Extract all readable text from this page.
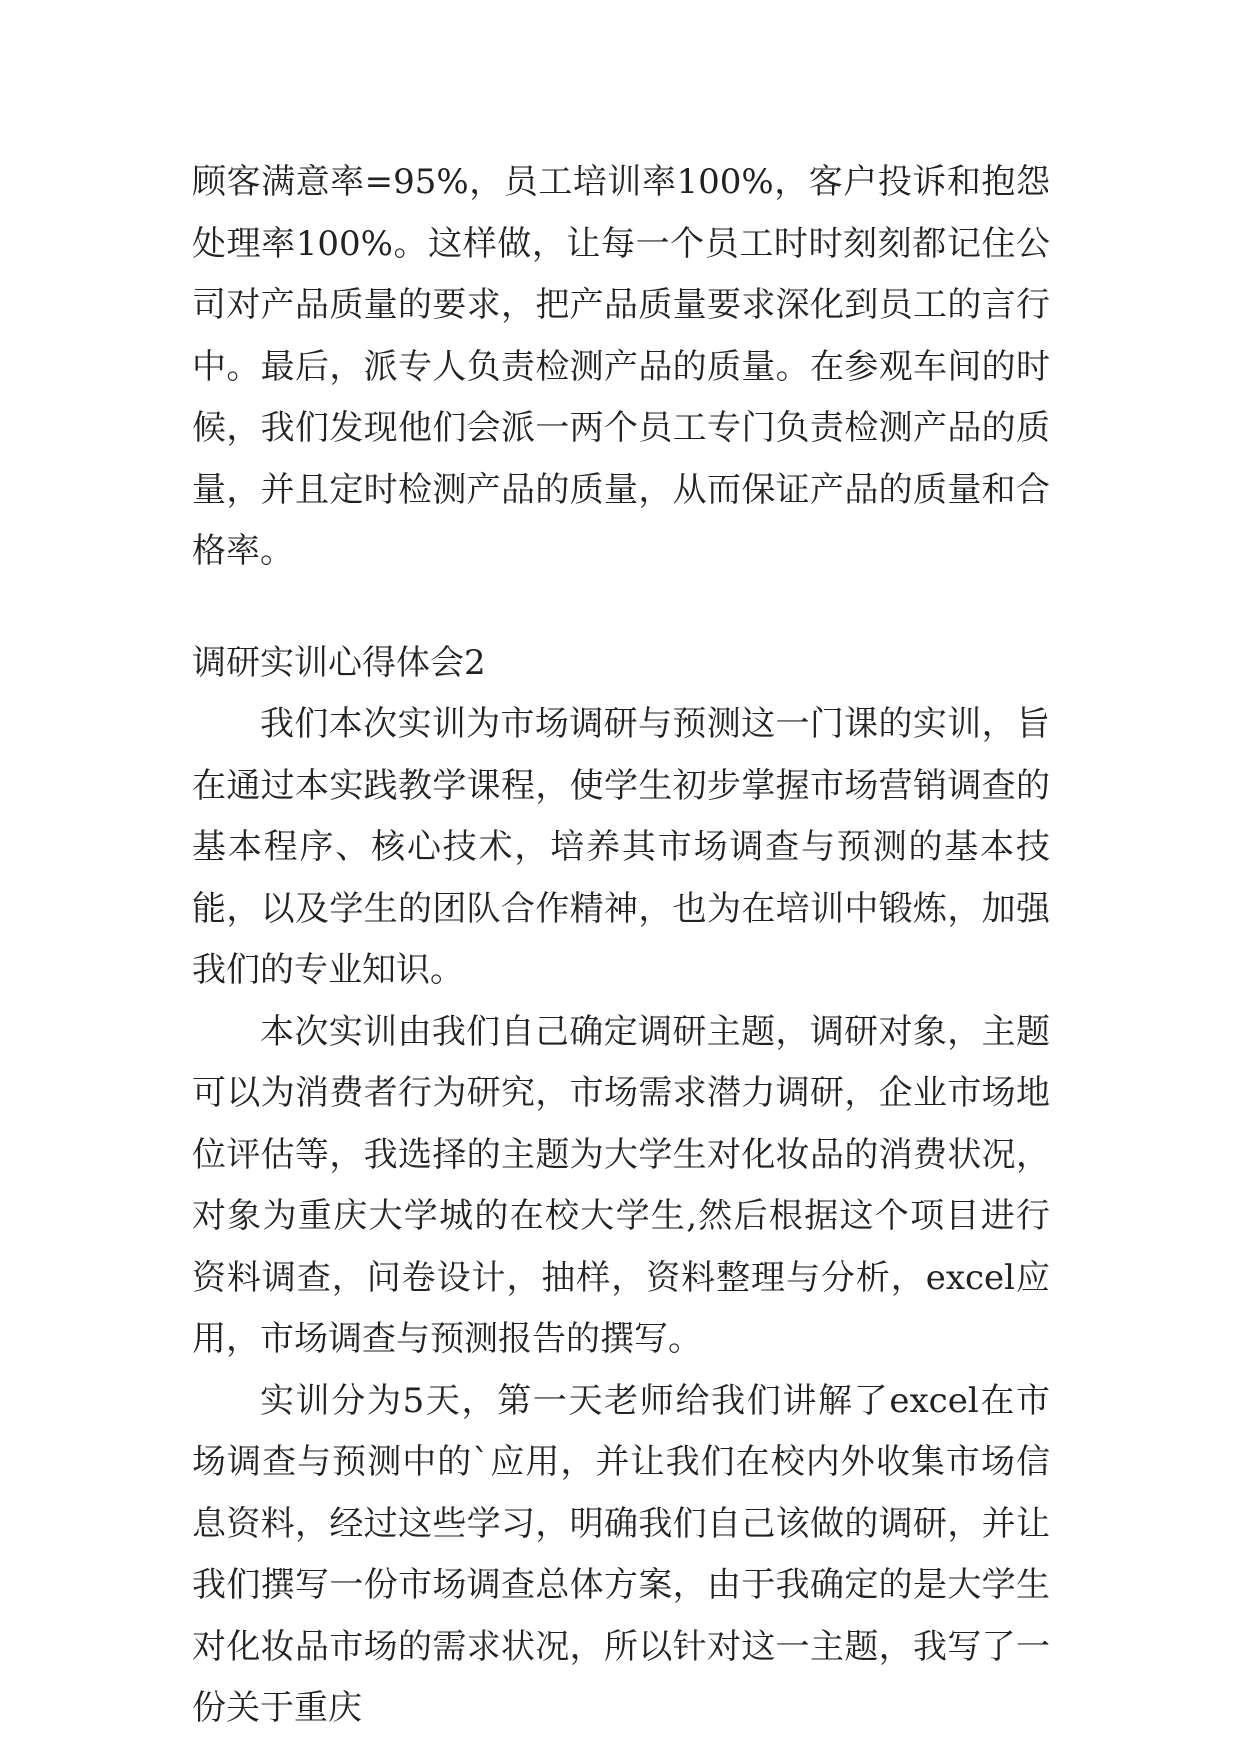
顾客满意率=95%，员工培训率100%，客户投诉和抱怨处理率100%。这样做，让每一个员工时时刻刻都记住公司对产品质量的要求，把产品质量要求深化到员工的言行中。最后，派专人负责检测产品的质量。在参观车间的时候，我们发现他们会派一两个员工专门负责检测产品的质量，并且定时检测产品的质量，从而保证产品的质量和合格率。

调研实训心得体会2

我们本次实训为市场调研与预测这一门课的实训，旨在通过本实践教学课程，使学生初步掌握市场营销调查的基本程序、核心技术，培养其市场调查与预测的基本技能，以及学生的团队合作精神，也为在培训中锻炼，加强我们的专业知识。

本次实训由我们自己确定调研主题，调研对象，主题可以为消费者行为研究，市场需求潜力调研，企业市场地位评估等，我选择的主题为大学生对化妆品的消费状况，对象为重庆大学城的在校大学生,然后根据这个项目进行资料调查，问卷设计，抽样，资料整理与分析，excel应用，市场调查与预测报告的撰写。

实训分为5天，第一天老师给我们讲解了excel在市场调查与预测中的`应用，并让我们在校内外收集市场信息资料，经过这些学习，明确我们自己该做的调研，并让我们撰写一份市场调查总体方案，由于我确定的是大学生对化妆品市场的需求状况，所以针对这一主题，我写了一份关于重庆
